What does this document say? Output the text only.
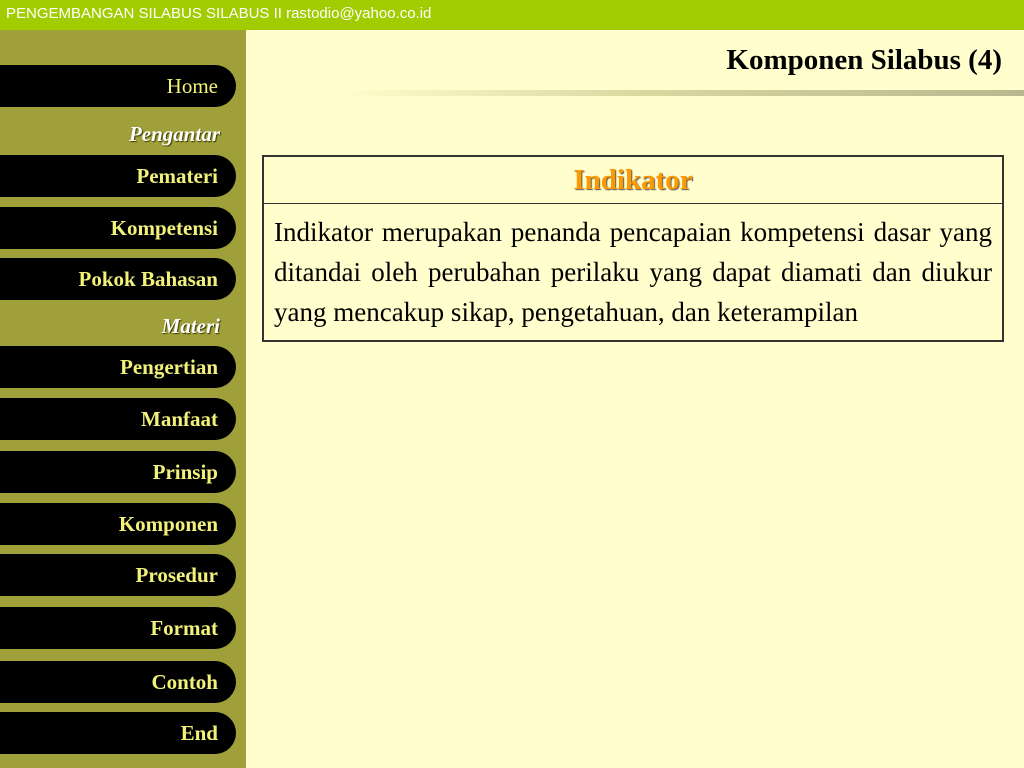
PENGEMBANGAN SILABUS SILABUS II rastodio@yahoo.co.id
Home
Pengantar
Pemateri
Kompetensi
Pokok Bahasan
Materi
Pengertian
Manfaat
Prinsip
Komponen
Prosedur
Format
Contoh
End
Komponen Silabus (4)
Indikator
Indikator merupakan penanda pencapaian kompetensi dasar yang ditandai oleh perubahan perilaku yang dapat diamati dan diukur yang mencakup sikap, pengetahuan, dan keterampilan
